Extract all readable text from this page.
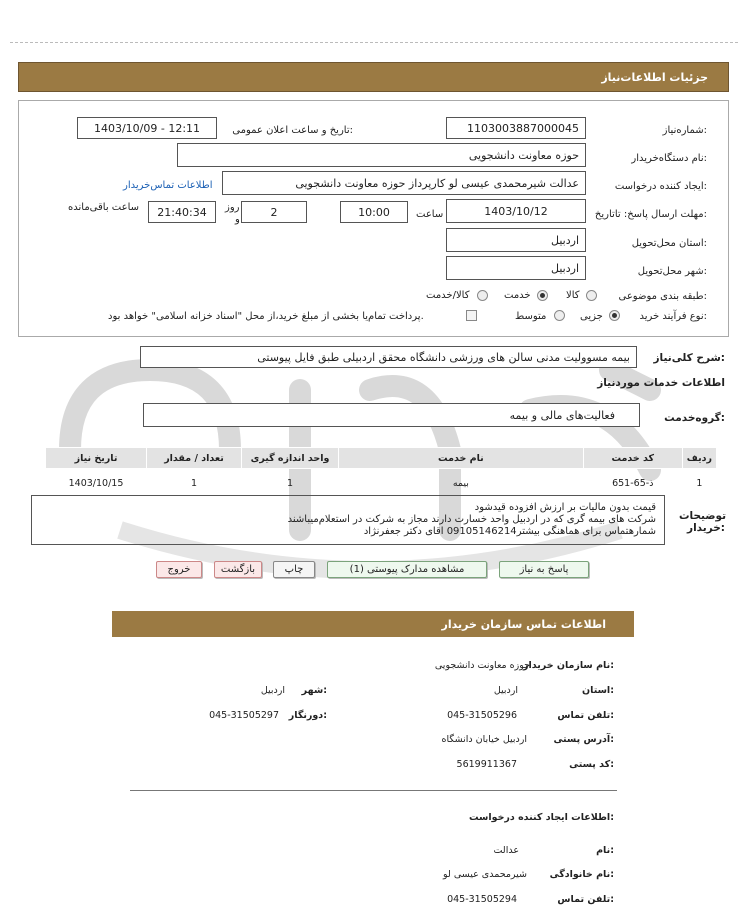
جزئیات اطلاعات‌نیاز
شماره‌نیاز:
1103003887000045
تاریخ و ساعت اعلان عمومی:
1403/10/09 - 12:11
نام دستگاه‌خریدار:
حوزه معاونت دانشجویی
ایجاد کننده درخواست:
عدالت شیرمحمدی عیسی لو کارپرداز حوزه معاونت دانشجویی
اطلاعات تماس‌خریدار
مهلت ارسال پاسخ: تاتاریخ:
1403/10/12
ساعت
10:00
2
روز
و
21:40:34
ساعت باقی‌مانده
استان محل‌تحویل:
اردبیل
شهر محل‌تحویل:
اردبیل
طبقه بندی موضوعی:
کالا
خدمت
کالا/خدمت
نوع فرآیند خرید:
جزیی
متوسط
پرداخت تمام‌یا بخشی از مبلغ خرید،از محل "اسناد خزانه اسلامی" خواهد بود.
شرح کلی‌نیاز:
بیمه مسوولیت مدنی سالن های ورزشی دانشگاه محقق اردبیلی طبق فایل پیوستی
اطلاعات خدمات موردنیاز
گروه‌خدمت:
فعالیت‌های مالی و بیمه
ردیف	کد خدمت	نام خدمت	واحد اندازه گیری	تعداد / مقدار	تاریخ نیاز
1	ذ-65-651	بیمه	1	1	1403/10/15
توضیحات خریدار:
قیمت بدون مالیات بر ارزش افزوده قیدشود
شرکت های بیمه گری که در اردبیل واحد خسارت دارند مجاز به شرکت در استعلام‌میباشند
شمارهتماس برای هماهنگی بیشتر09105146214 اقای دکتر جعفرنژاد
پاسخ به نیاز
مشاهده مدارک پیوستی (1)
چاپ
بازگشت
خروج
اطلاعات تماس سازمان خریدار
نام سازمان خریدار:
حوزه معاونت دانشجویی
استان:
اردبیل
شهر:
اردبیل
تلفن تماس:
045-31505296
دورنگار:
045-31505297
آدرس پستی:
اردبیل خیابان دانشگاه
کد پستی:
5619911367
اطلاعات ایجاد کننده درخواست:
نام:
عدالت
نام خانوادگی:
شیرمحمدی عیسی لو
تلفن تماس:
045-31505294
